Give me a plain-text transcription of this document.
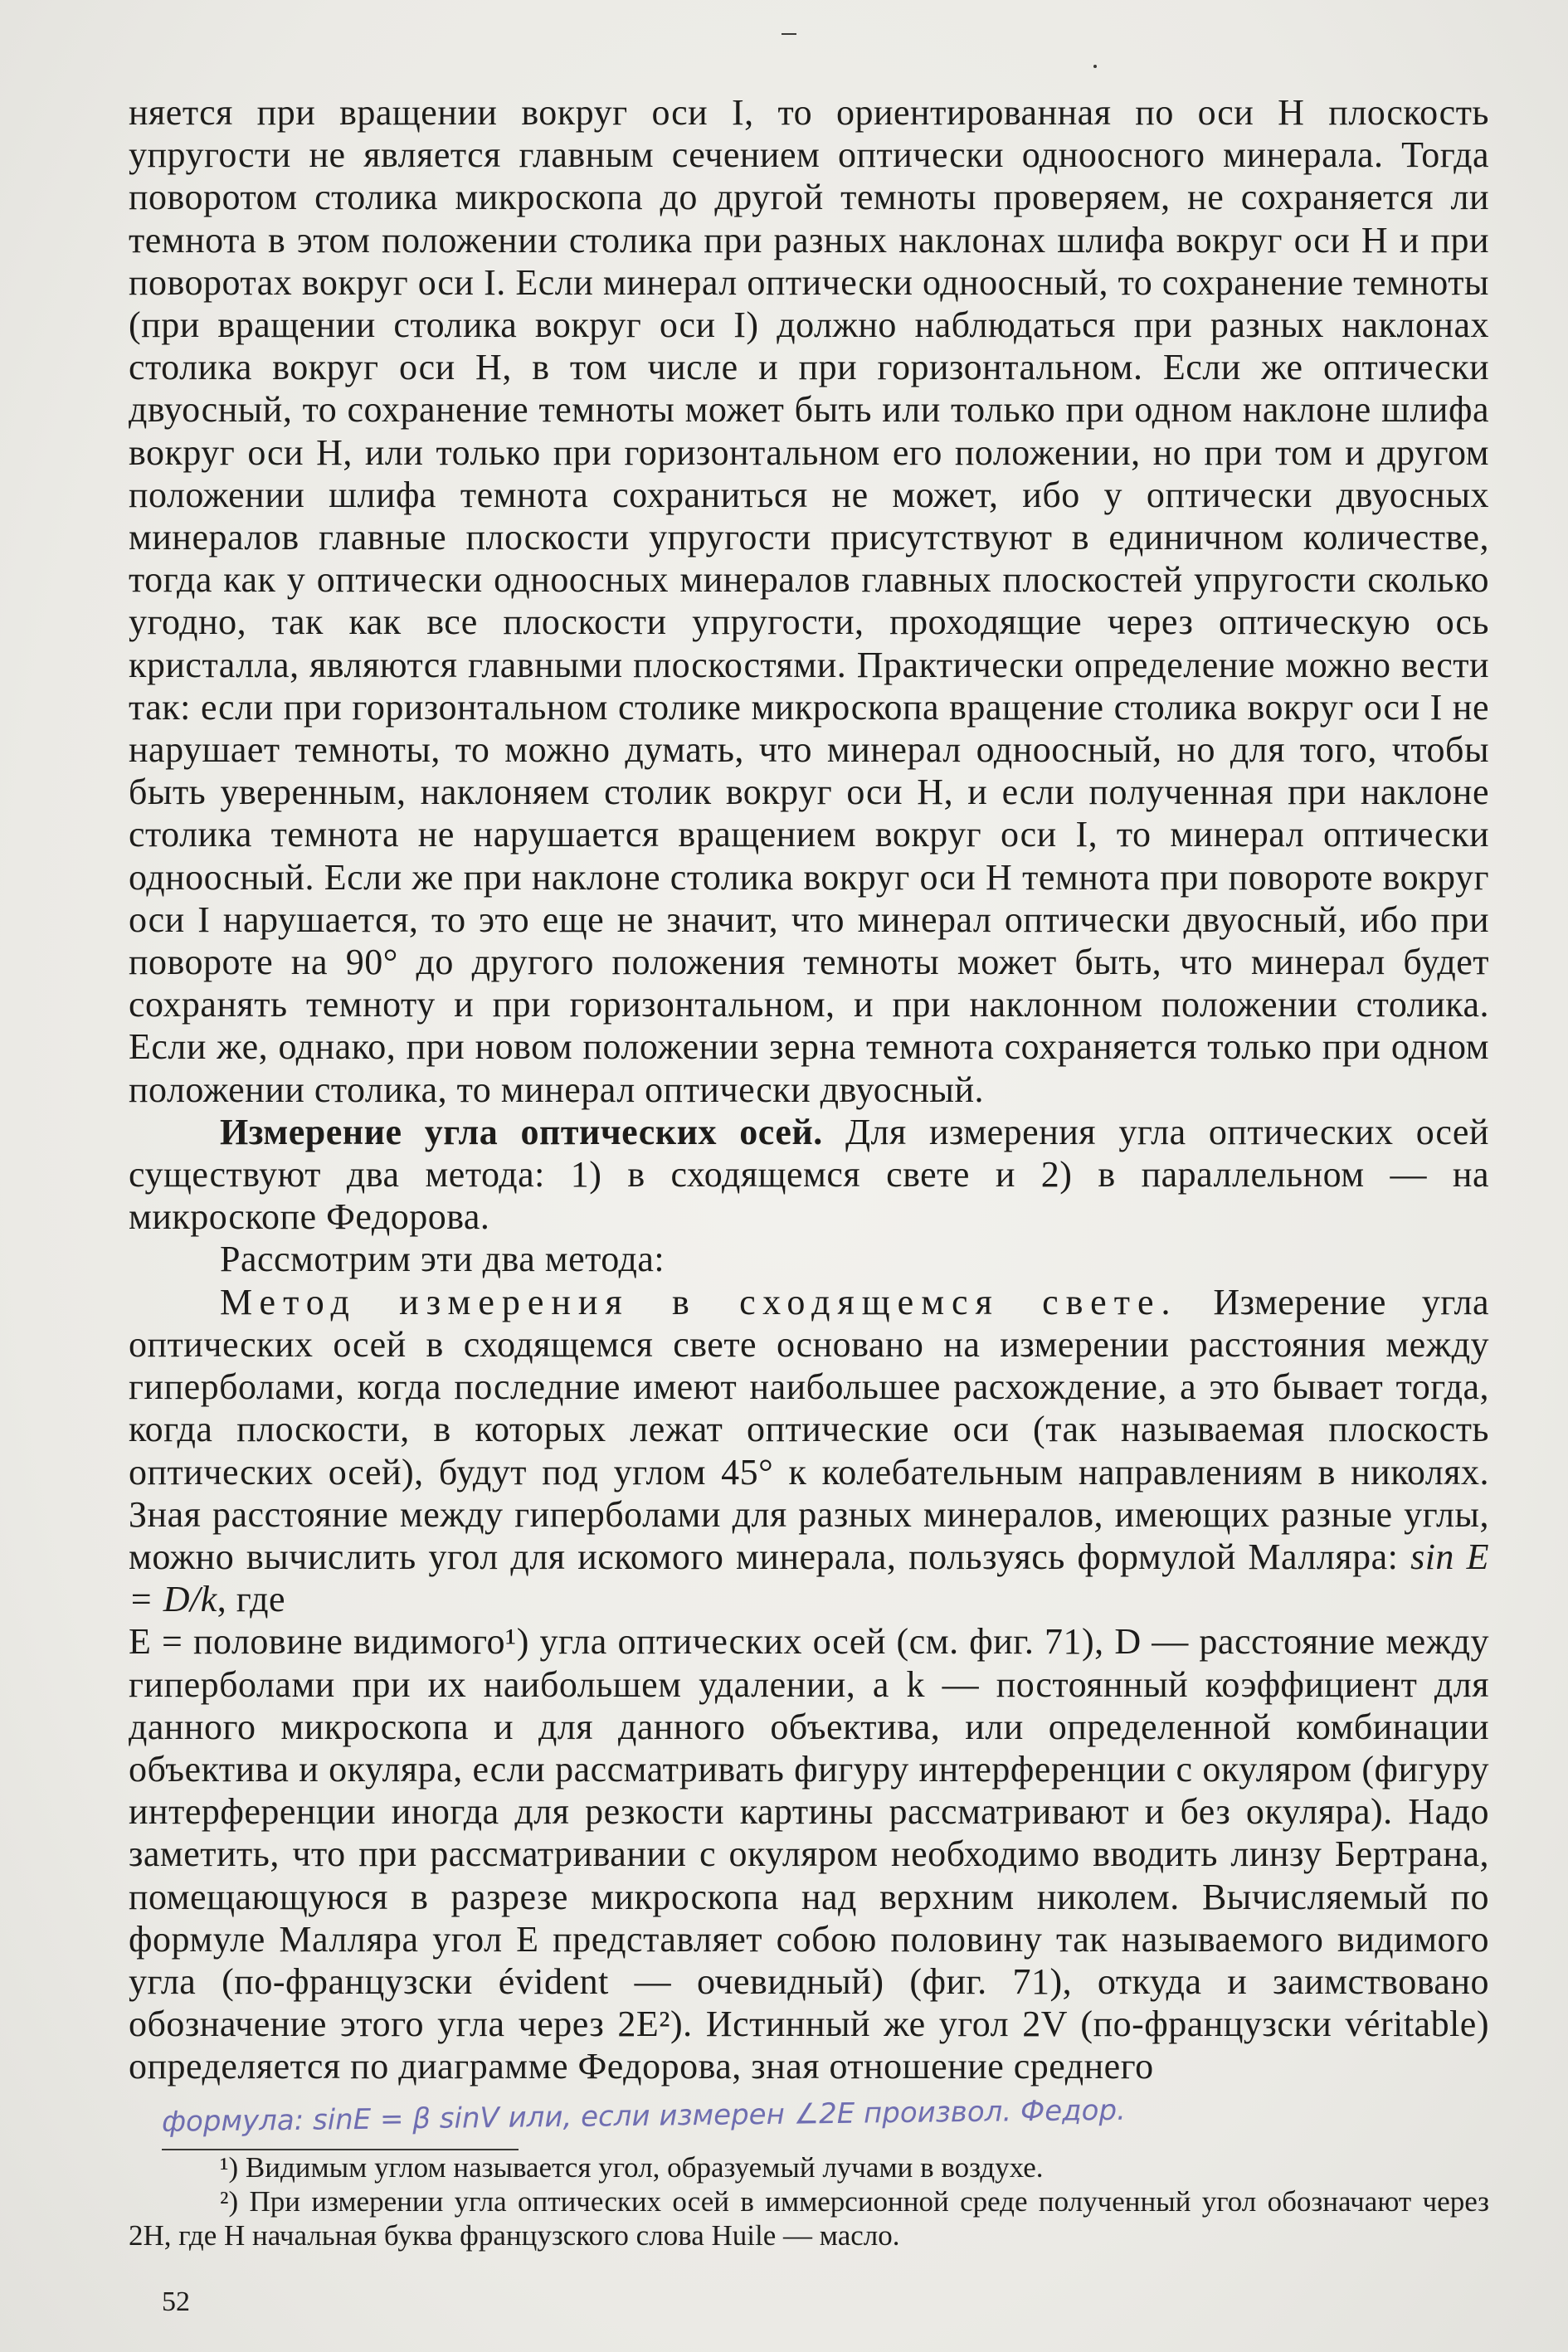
няется при вращении вокруг оси I, то ориентированная по оси H плоскость упругости не является главным сечением оптически одноосного минерала. Тогда поворотом столика микроскопа до другой темноты проверяем, не сохраняется ли темнота в этом положении столика при разных наклонах шлифа вокруг оси H и при поворотах вокруг оси I. Если минерал оптически одноосный, то сохранение темноты (при вращении столика вокруг оси I) должно наблюдаться при разных наклонах столика вокруг оси H, в том числе и при горизонтальном. Если же оптически двуосный, то сохранение темноты может быть или только при одном наклоне шлифа вокруг оси H, или только при горизонтальном его положении, но при том и другом положении шлифа темнота сохраниться не может, ибо у оптически двуосных минералов главные плоскости упругости присутствуют в единичном количестве, тогда как у оптически одноосных минералов главных плоскостей упругости сколько угодно, так как все плоскости упругости, проходящие через оптическую ось кристалла, являются главными плоскостями. Практически определение можно вести так: если при горизонтальном столике микроскопа вращение столика вокруг оси I не нарушает темноты, то можно думать, что минерал одноосный, но для того, чтобы быть уверенным, наклоняем столик вокруг оси H, и если полученная при наклоне столика темнота не нарушается вращением вокруг оси I, то минерал оптически одноосный. Если же при наклоне столика вокруг оси H темнота при повороте вокруг оси I нарушается, то это еще не значит, что минерал оптически двуосный, ибо при повороте на 90° до другого положения темноты может быть, что минерал будет сохранять темноту и при горизонтальном, и при наклонном положении столика. Если же, однако, при новом положении зерна темнота сохраняется только при одном положении столика, то минерал оптически двуосный.

Измерение угла оптических осей. Для измерения угла оптических осей существуют два метода: 1) в сходящемся свете и 2) в параллельном — на микроскопе Федорова.

Рассмотрим эти два метода:

Метод измерения в сходящемся свете. Измерение угла оптических осей в сходящемся свете основано на измерении расстояния между гиперболами, когда последние имеют наибольшее расхождение, а это бывает тогда, когда плоскости, в которых лежат оптические оси (так называемая плоскость оптических осей), будут под углом 45° к колебательным направлениям в николях. Зная расстояние между гиперболами для разных минералов, имеющих разные углы, можно вычислить угол для искомого минерала, пользуясь формулой Малляра: sin E = D/k, где

E = половине видимого¹) угла оптических осей (см. фиг. 71), D — расстояние между гиперболами при их наибольшем удалении, а k — постоянный коэффициент для данного микроскопа и для данного объектива, или определенной комбинации объектива и окуляра, если рассматривать фигуру интерференции с окуляром (фигуру интерференции иногда для резкости картины рассматривают и без окуляра). Надо заметить, что при рассматривании с окуляром необходимо вводить линзу Бертрана, помещающуюся в разрезе микроскопа над верхним николем. Вычисляемый по формуле Малляра угол E представляет собою половину так называемого видимого угла (по-французски évident — очевидный) (фиг. 71), откуда и заимствовано обозначение этого угла через 2E²). Истинный же угол 2V (по-французски véritable) определяется по диаграмме Федорова, зная отношение среднего

формула: sinE = β sinV или, если измерен ∠2E произвол. Федор.

¹) Видимым углом называется угол, образуемый лучами в воздухе.

²) При измерении угла оптических осей в иммерсионной среде полученный угол обозначают через 2H, где H начальная буква французского слова Huile — масло.

52
